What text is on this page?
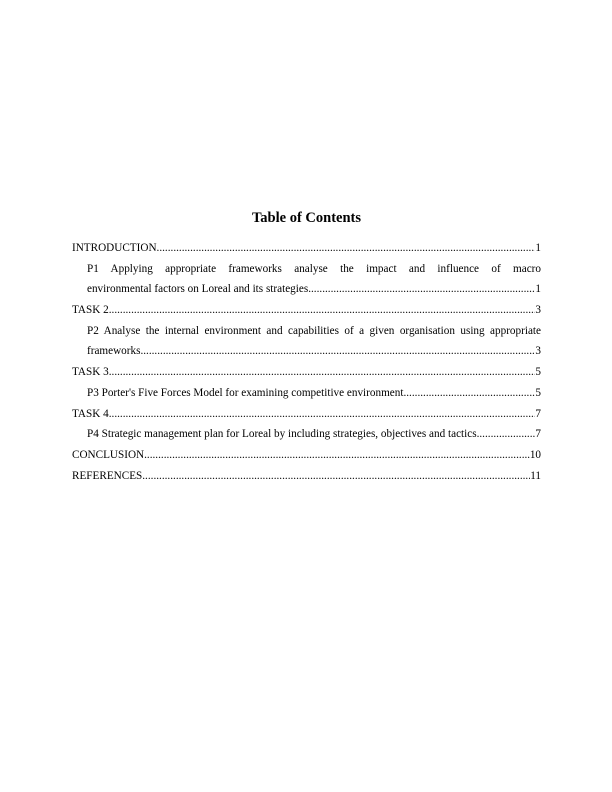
Table of Contents
INTRODUCTION .....	1
P1 Applying appropriate frameworks analyse the impact and influence of macro
environmental factors on Loreal and its strategies .....	1
TASK 2 .....	3
P2 Analyse the internal environment and capabilities of a given organisation using appropriate
frameworks .....	3
TASK 3 .....	5
P3 Porter's Five Forces Model for examining competitive environment .....	5
TASK 4 .....	7
P4 Strategic management plan for Loreal by including strategies, objectives and tactics .....	7
CONCLUSION .....	10
REFERENCES .....	11
